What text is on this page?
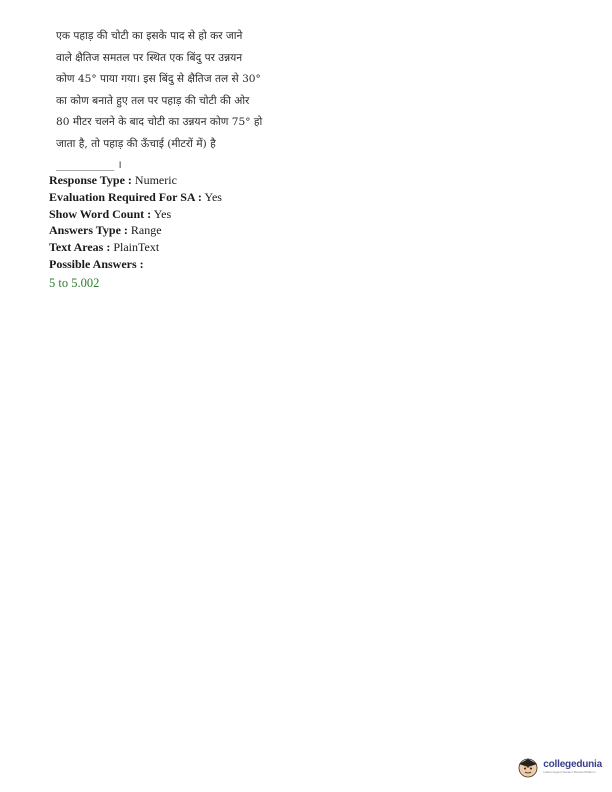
एक पहाड़ की चोटी का इसके पाद से हो कर जाने
वाले क्षैतिज समतल पर स्थित एक बिंदु पर उन्नयन
कोण 45° पाया गया। इस बिंदु से क्षैतिज तल से 30°
का कोण बनाते हुए तल पर पहाड़ की चोटी की ओर
80 मीटर चलने के बाद चोटी का उन्नयन कोण 75° हो
जाता है, तो पहाड़ की ऊँचाई (मीटरों में) है
___________ ।
Response Type : Numeric
Evaluation Required For SA : Yes
Show Word Count : Yes
Answers Type : Range
Text Areas : PlainText
Possible Answers :
5 to 5.002
collegedunia
India's largest Student Review Platform
